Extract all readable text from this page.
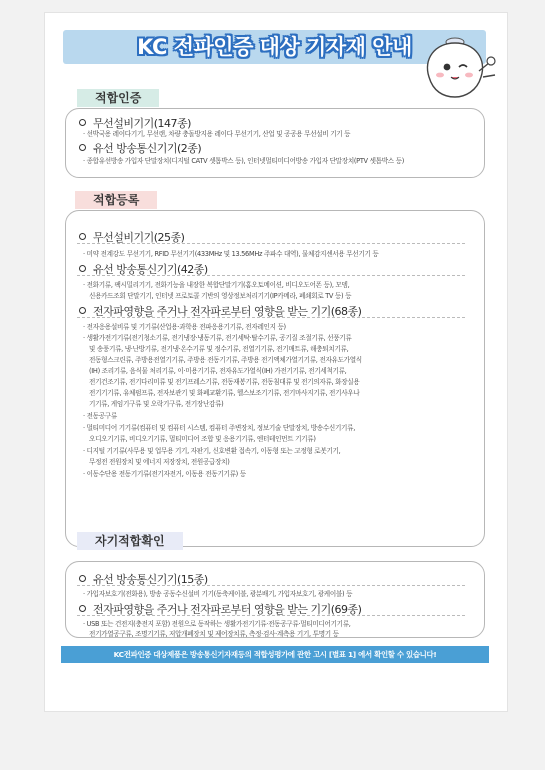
KC 전파인증 대상 기자재 안내
적합인증
무선설비기기(147종)
· 선박국용 레이다기기, 무선랜, 차량 충돌방지용 레이다 무선기기, 산업 및 공공용 무선설비 기기 등
유선 방송통신기기(2종)
· 종합유선방송 가입자 단말장치(디지털 CATV 셋톱박스 등), 인터넷멀티미디어방송 가입자 단말장치(PTV 셋톱박스 등)
적합등록
무선설비기기(25종)
· 미약 전계강도 무선기기, RFID 무선기기(433MHz 및 13.56MHz 주파수 대역), 물체감지센서용 무선기기 등
유선 방송통신기기(42종)
· 전화기류, 팩시밀리기기, 전화기능을 내장한 복합단말기기(홈오토메이션, 비디오도어폰 등), 모뎀,
신용카드조회 단말기기, 인터넷 프로토콜 기반의 영상정보처리기기(IP카메라, 폐쇄회로 TV 등) 등
전자파영향을 주거나 전자파로부터 영향을 받는 기기(68종)
· 전자응용설비류 및 기기류(산업용·과학용 전파응용기기류, 전자레인지 등)
· 생활가전기기류(전기청소기류, 전기냉장·냉동기류, 전기세탁·탈수기류, 공기질 조절기류, 선풍기류
및 송풍기류, 냉·난방기류, 전기냉·온수기류 및 정수기류, 전열기기류, 전기매트류, 해충퇴치기류,
전동형스크린류, 주방용전열기기류, 주방용 전동기기류, 주방용 전기액체가열기기류, 전자유도가열식
(IH) 조리기류, 음식물 처리기류, 이·미용기기류, 전자유도가열식(IH) 가전기기류, 전기세척기류,
전기건조기류, 전기다리미류 및 전기프레스기류, 전동재봉기류, 전동침대류 및 전기의자류, 화장실용
전기기기류, 유체펌프류, 전자보관기 및 화폐교환기류, 헬스보조기기류, 전기마사지기류, 전기사우나
기기류, 게임기구류 및 오락기구류, 전기장난감류)
· 전동공구류
· 멀티미디어 기기류(컴퓨터 및 컴퓨터 시스템, 컴퓨터 주변장치, 정보기술 단말장치, 방송수신기기류,
오디오기기류, 비디오기기류, 멀티미디어 조합 및 응용기기류, 엔터테인먼트 기기류)
· 디지털 기기류(사무용 및 업무용 기기, 자판기, 신호변환 접속기, 이동형 또는 고정형 로봇기기,
무정전 전원장치 및 에너지 저장장치, 전원공급장치)
· 이동수단용 전동기기류(전기자전거, 이동용 전동기기류) 등
자기적합확인
유선 방송통신기기(15종)
· 가입자보호기(전화용), 방송 공동수신설비 기기(동축케이블, 광분배기, 가입자보호기, 광케이블) 등
전자파영향을 주거나 전자파로부터 영향을 받는 기기(69종)
· USB 또는 건전지(충전지 포함) 전원으로 동작하는 생활가전기기류·전동공구류·멀티미디어기기류,
전기가열공구류, 조명기기류, 저압개폐장치 및 제어장치류, 측정·검사·계측용 기기, 투명기 등
KC전파인증 대상제품은 방송통신기자재등의 적합성평가에 관한 고시 [별표 1] 에서 확인할 수 있습니다!
